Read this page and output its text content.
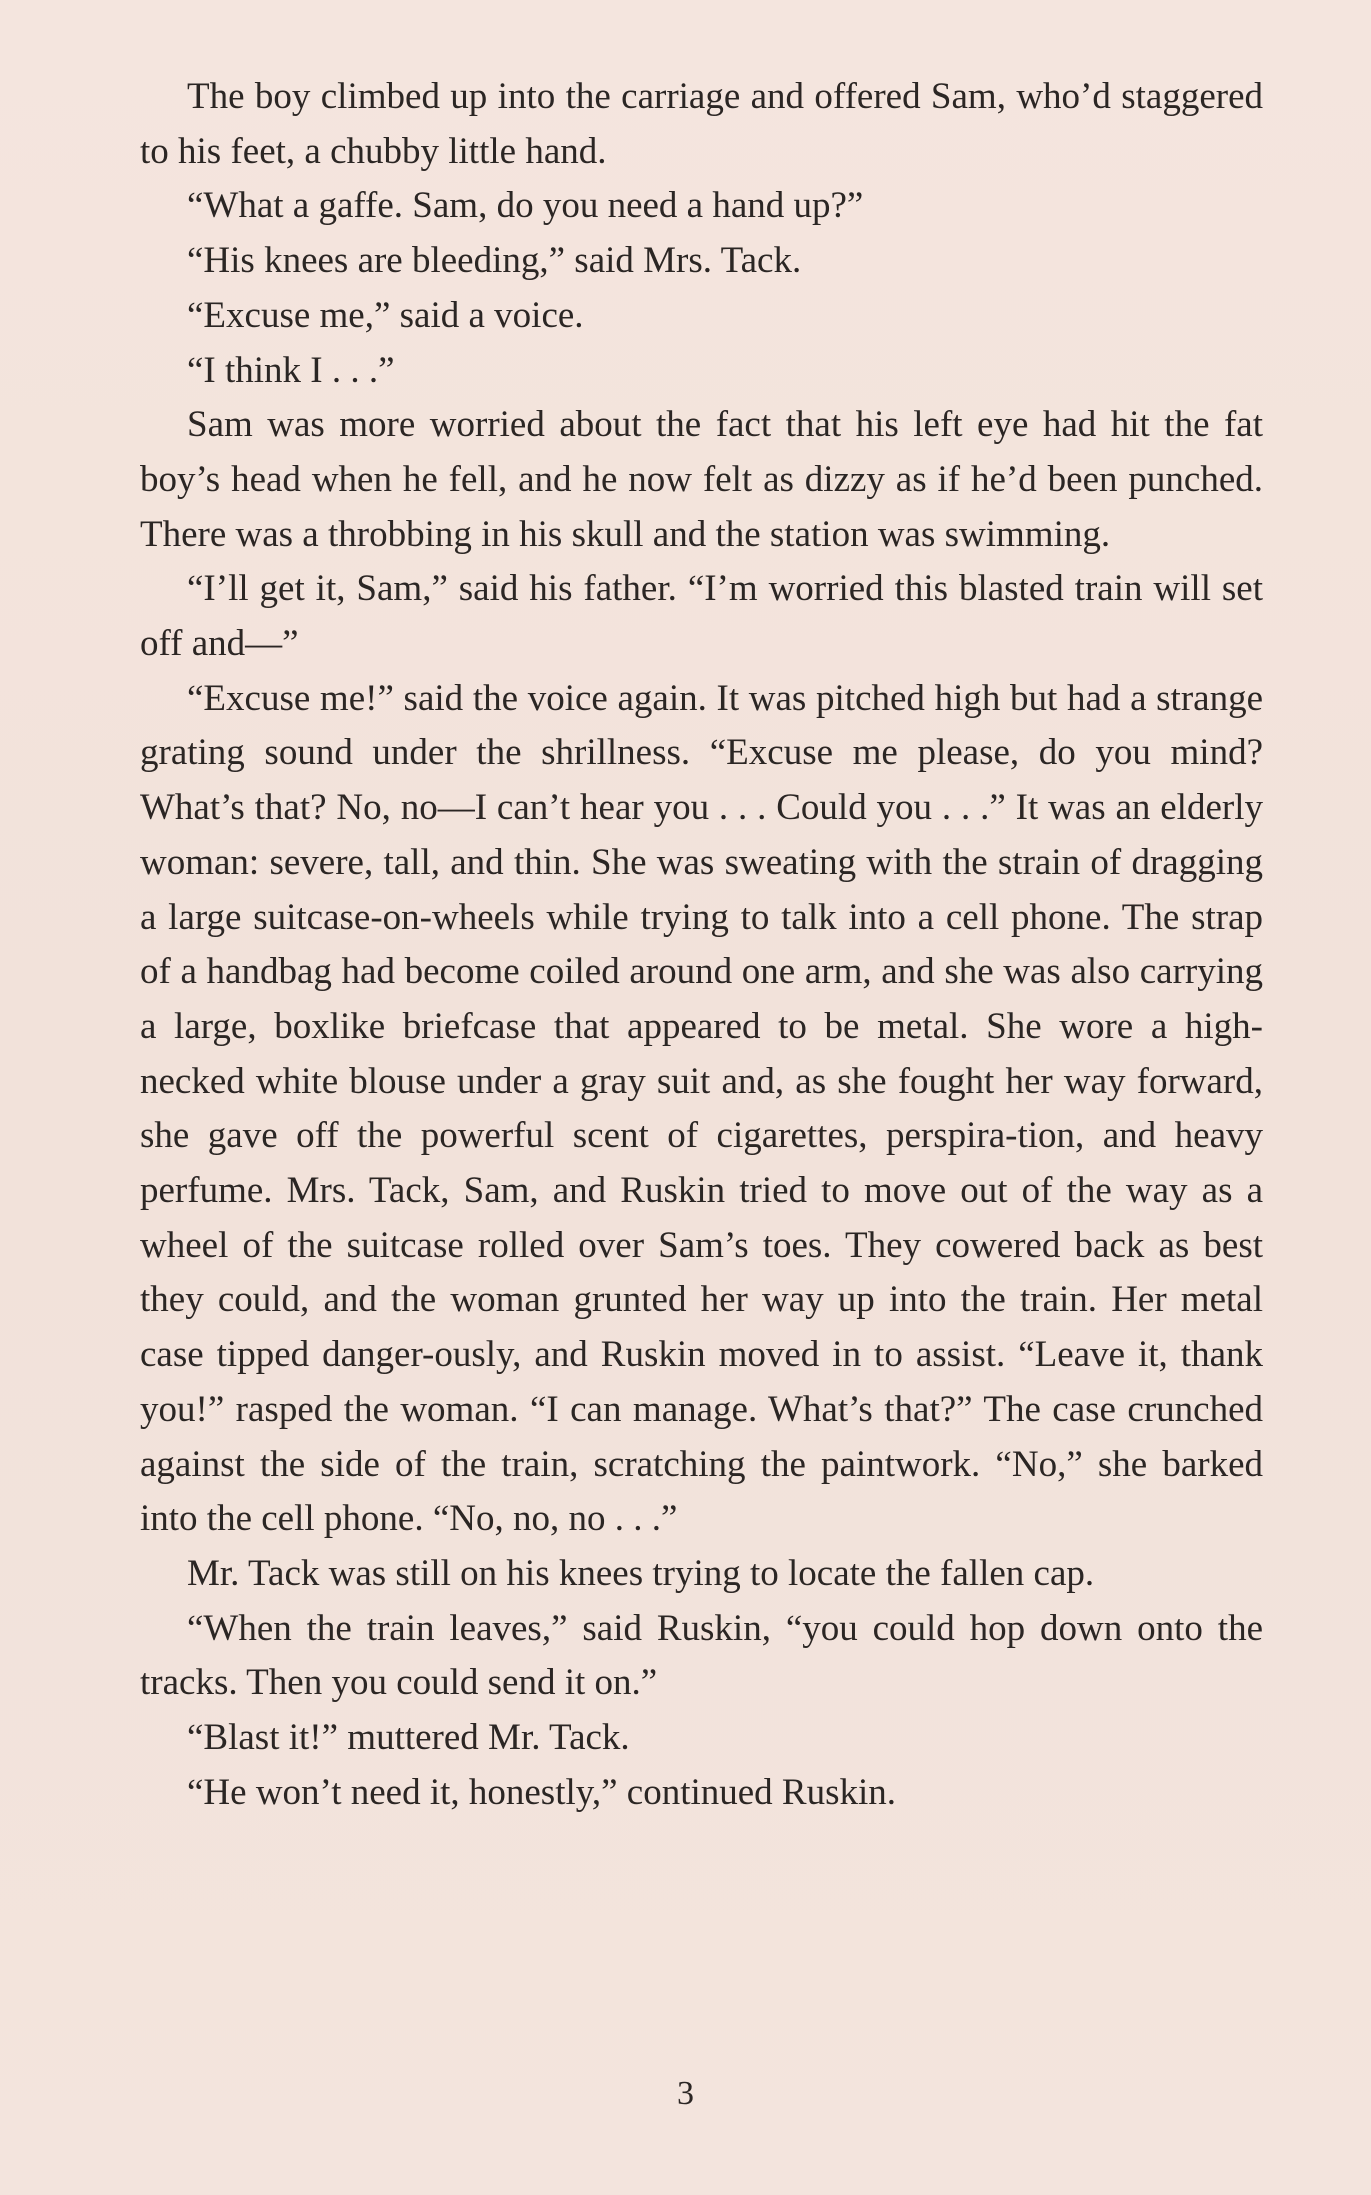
The boy climbed up into the carriage and offered Sam, who’d staggered to his feet, a chubby little hand.

“What a gaffe. Sam, do you need a hand up?”

“His knees are bleeding,” said Mrs. Tack.

“Excuse me,” said a voice.

“I think I . . .”

Sam was more worried about the fact that his left eye had hit the fat boy’s head when he fell, and he now felt as dizzy as if he’d been punched. There was a throbbing in his skull and the station was swimming.

“I’ll get it, Sam,” said his father. “I’m worried this blasted train will set off and—”

“Excuse me!” said the voice again. It was pitched high but had a strange grating sound under the shrillness. “Excuse me please, do you mind? What’s that? No, no—I can’t hear you . . . Could you . . .” It was an elderly woman: severe, tall, and thin. She was sweating with the strain of dragging a large suitcase-on-wheels while trying to talk into a cell phone. The strap of a handbag had become coiled around one arm, and she was also carrying a large, boxlike briefcase that appeared to be metal. She wore a high-necked white blouse under a gray suit and, as she fought her way forward, she gave off the powerful scent of cigarettes, perspira-tion, and heavy perfume. Mrs. Tack, Sam, and Ruskin tried to move out of the way as a wheel of the suitcase rolled over Sam’s toes. They cowered back as best they could, and the woman grunted her way up into the train. Her metal case tipped danger-ously, and Ruskin moved in to assist. “Leave it, thank you!” rasped the woman. “I can manage. What’s that?” The case crunched against the side of the train, scratching the paintwork. “No,” she barked into the cell phone. “No, no, no . . .”

Mr. Tack was still on his knees trying to locate the fallen cap.

“When the train leaves,” said Ruskin, “you could hop down onto the tracks. Then you could send it on.”

“Blast it!” muttered Mr. Tack.

“He won’t need it, honestly,” continued Ruskin.

3
